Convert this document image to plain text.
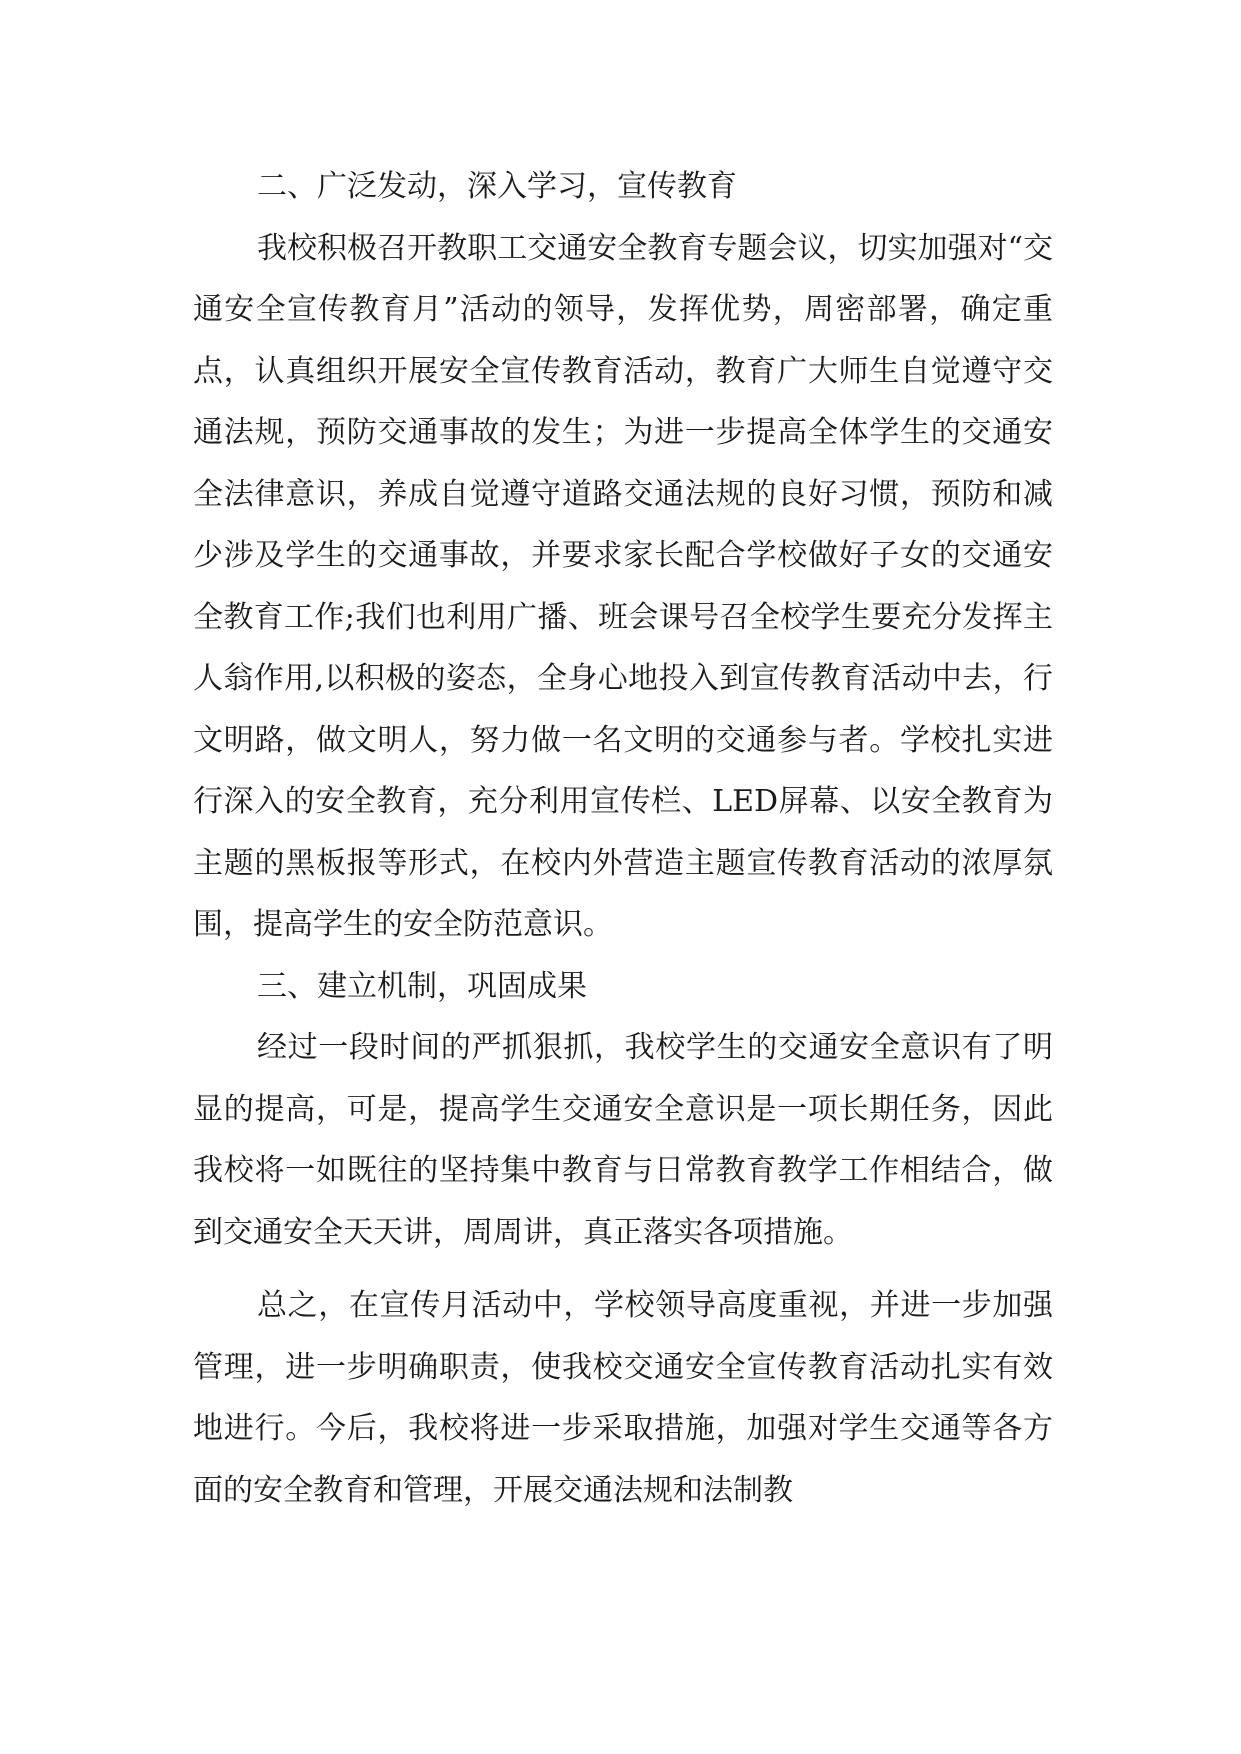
二、广泛发动，深入学习，宣传教育

我校积极召开教职工交通安全教育专题会议，切实加强对“交通安全宣传教育月”活动的领导，发挥优势，周密部署，确定重点，认真组织开展安全宣传教育活动，教育广大师生自觉遵守交通法规，预防交通事故的发生；为进一步提高全体学生的交通安全法律意识，养成自觉遵守道路交通法规的良好习惯，预防和减少涉及学生的交通事故，并要求家长配合学校做好子女的交通安全教育工作;我们也利用广播、班会课号召全校学生要充分发挥主人翁作用,以积极的姿态，全身心地投入到宣传教育活动中去，行文明路，做文明人，努力做一名文明的交通参与者。学校扎实进行深入的安全教育，充分利用宣传栏、LED屏幕、以安全教育为主题的黑板报等形式，在校内外营造主题宣传教育活动的浓厚氛围，提高学生的安全防范意识。

三、建立机制，巩固成果

经过一段时间的严抓狠抓，我校学生的交通安全意识有了明显的提高，可是，提高学生交通安全意识是一项长期任务，因此我校将一如既往的坚持集中教育与日常教育教学工作相结合，做到交通安全天天讲，周周讲，真正落实各项措施。

总之，在宣传月活动中，学校领导高度重视，并进一步加强管理，进一步明确职责，使我校交通安全宣传教育活动扎实有效地进行。今后，我校将进一步采取措施，加强对学生交通等各方面的安全教育和管理，开展交通法规和法制教
